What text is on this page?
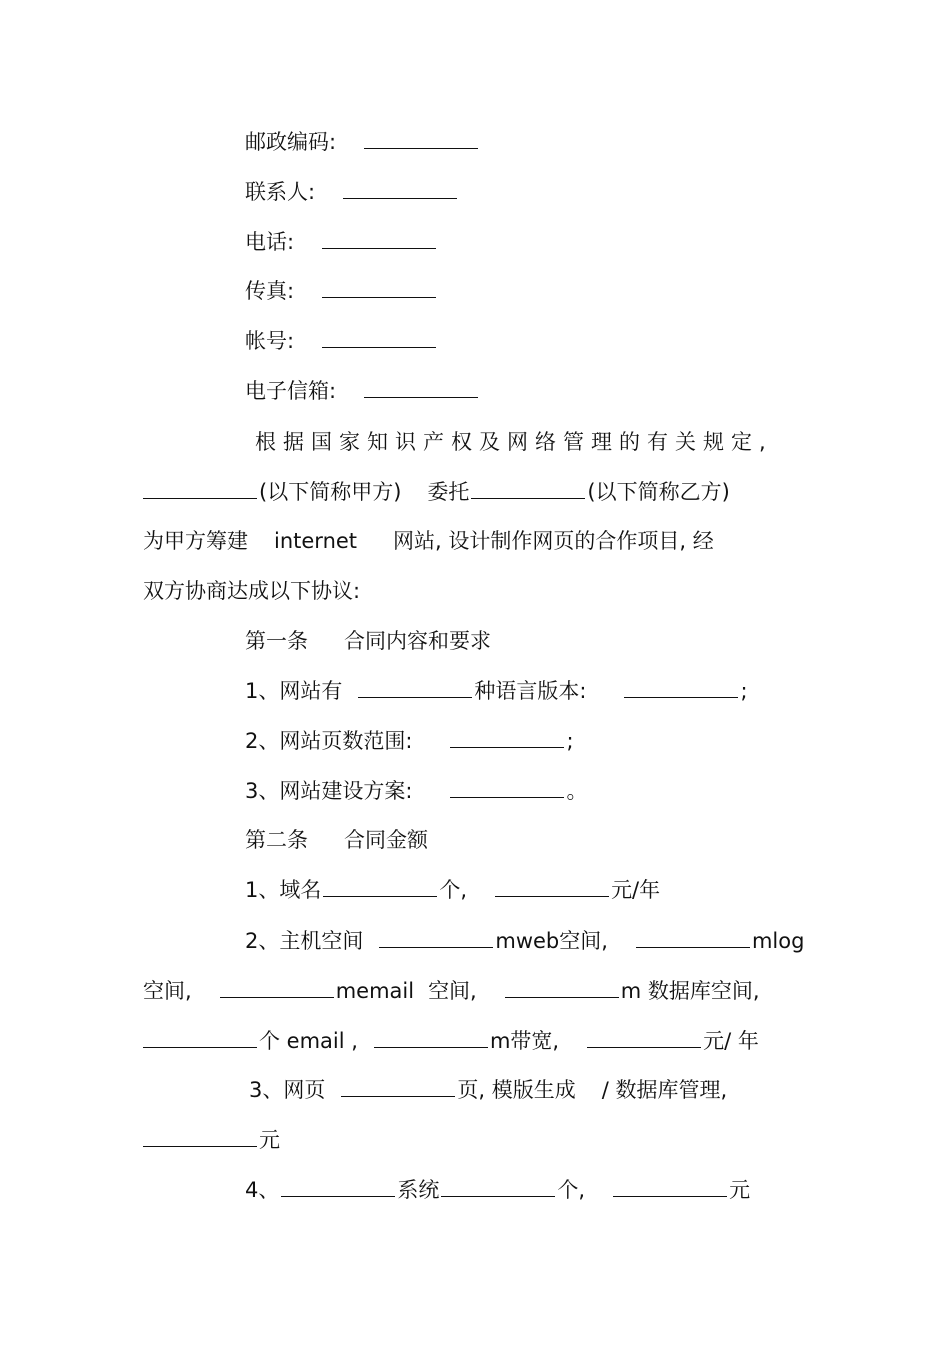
邮政编码:
联系人:
电话:
传真:
帐号:
电子信箱:
根据国家知识产权及网络管理的有关规定,
(以下简称甲方) 委托	(以下简称乙方)
为甲方筹建 internet 网站, 设计制作网页的合作项目, 经
双方协商达成以下协议:
第一条 合同内容和要求
1、网站有	种语言版本:	;
2、网站页数范围:	;
3、网站建设方案:	。
第二条 合同金额
1、域名	个,	元/年
2、主机空间	mweb空间,	mlog
空间,	memail 空间,	m 数据库空间,
个 email ,	m带宽,	元/ 年
3、网页	页, 模版生成 / 数据库管理,
元
4、	系统	个,	元
